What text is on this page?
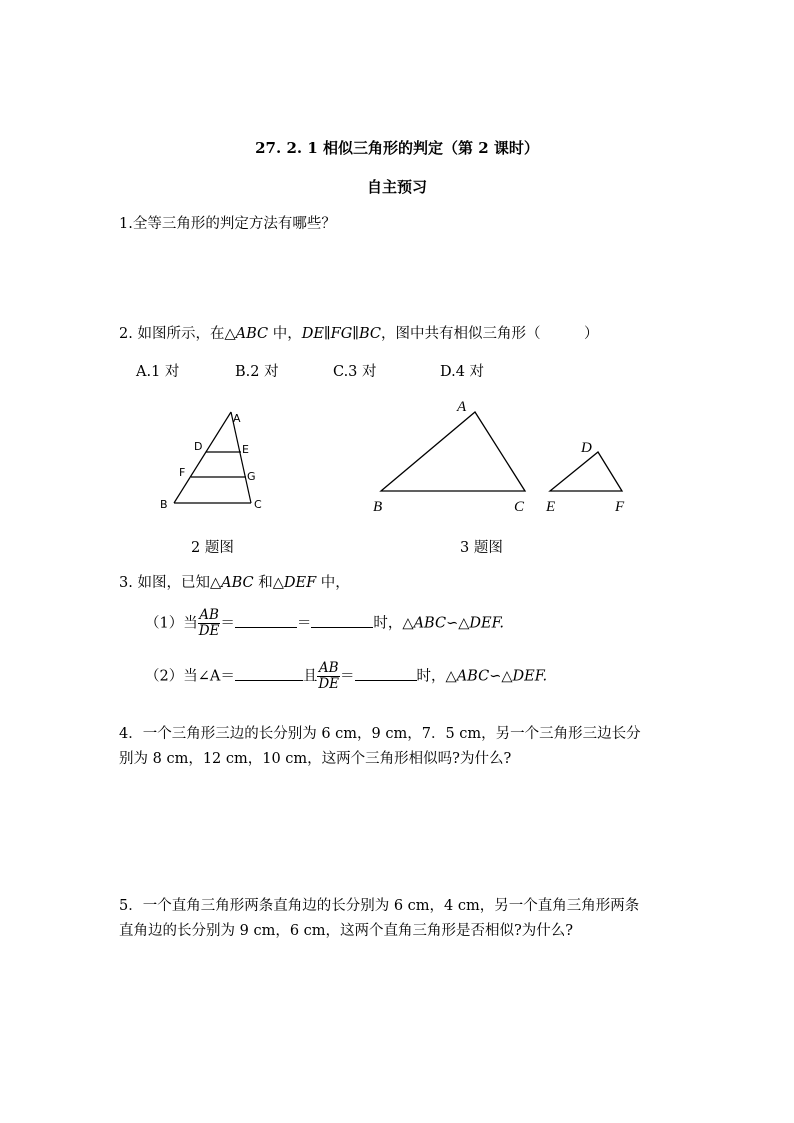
27. 2. 1 相似三角形的判定（第 2 课时）
自主预习
1.全等三角形的判定方法有哪些？
2. 如图所示，在△ABC 中，DE∥FG∥BC，图中共有相似三角形（　　　）
A.1 对	B.2 对	C.3 对	D.4 对
A
D	E
F	G
B	C
A
B	C
D
E	F
2 题图	3 题图
3. 如图，已知△ABC 和△DEF 中，
（1）当 $\frac{AB}{DE}$ ＝	＝	时，△ABC∽△DEF.
（2）当∠A＝	且 $\frac{AB}{DE}$ ＝	时，△ABC∽△DEF.
4．一个三角形三边的长分别为 6 cm，9 cm，7．5 cm，另一个三角形三边长分
别为 8 cm，12 cm，10 cm，这两个三角形相似吗?为什么?
5．一个直角三角形两条直角边的长分别为 6 cm，4 cm，另一个直角三角形两条
直角边的长分别为 9 cm，6 cm，这两个直角三角形是否相似?为什么?
